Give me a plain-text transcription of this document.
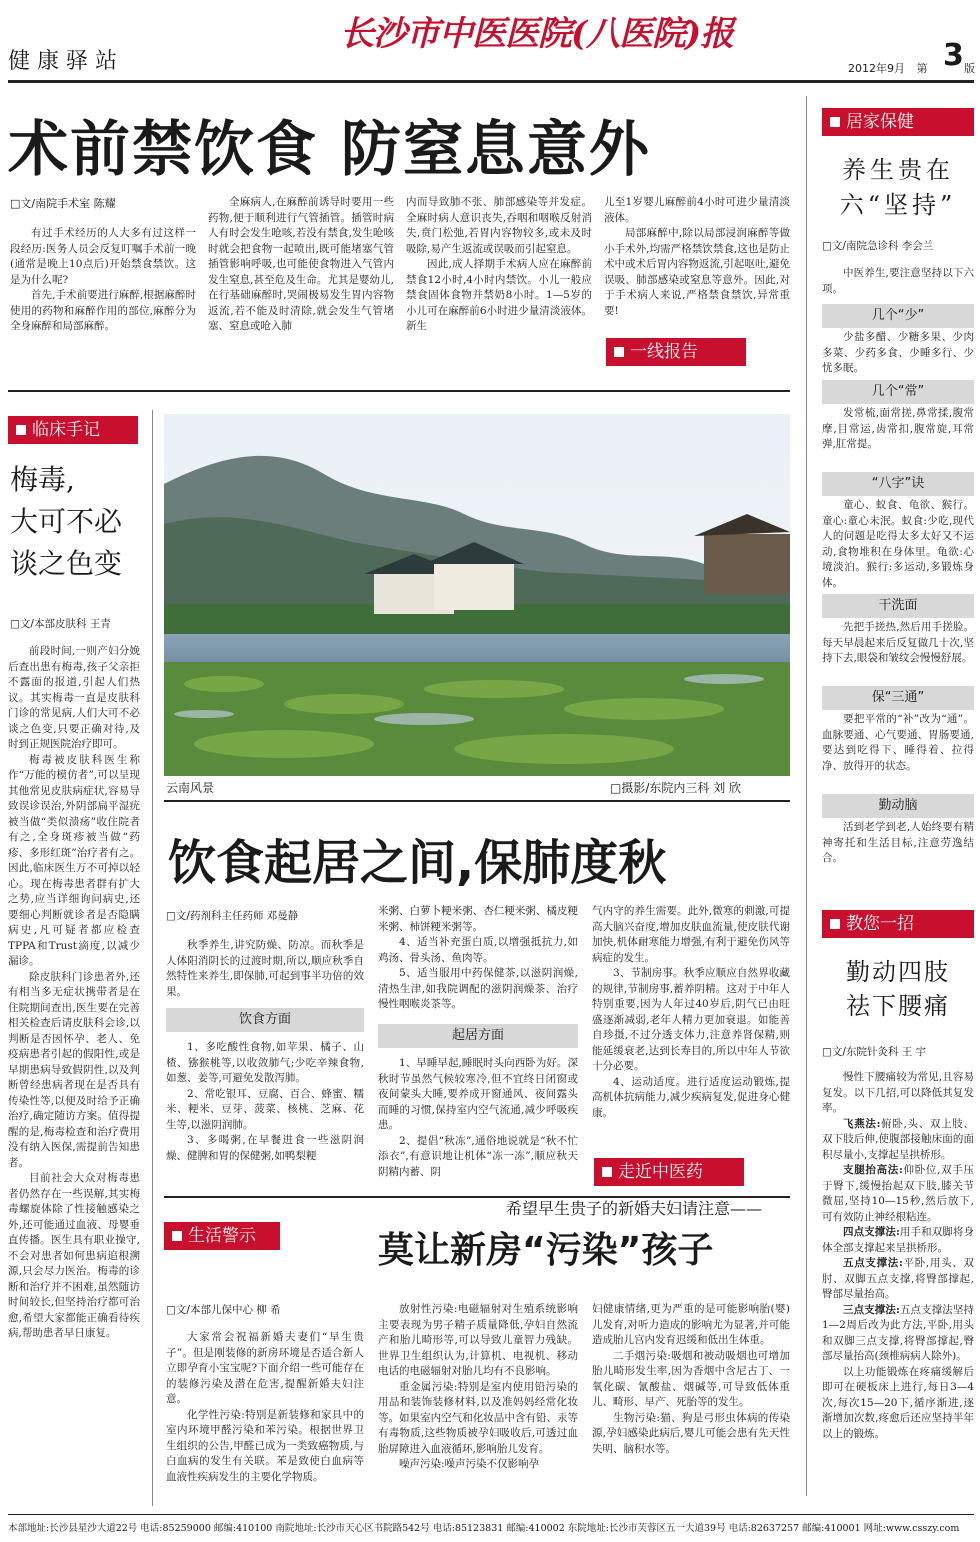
健康驿站
长沙市中医医院(八医院)报
2012年9月 第 3 版
术前禁饮食 防窒息意外
□文/南院手术室 陈耀

有过手术经历的人大多有过这样一段经历:医务人员会反复叮嘱手术前一晚(通常是晚上10点后)开始禁食禁饮。这是为什么呢?

首先,手术前要进行麻醉,根据麻醉时使用的药物和麻醉作用的部位,麻醉分为全身麻醉和局部麻醉。

全麻病人,在麻醉前诱导时要用一些药物,便于顺利进行气管插管。插管时病人有时会发生呛咳,若没有禁食,发生呛咳时就会把食物一起喷出,既可能堵塞气管插管影响呼吸,也可能使食物进入气管内发生窒息,甚至危及生命。尤其是婴幼儿,在行基础麻醉时,哭闹极易发生胃内容物返流,若不能及时清除,就会发生气管堵塞、窒息或呛入肺

内而导致肺不张、肺部感染等并发症。全麻时病人意识丧失,吞咽和咽喉反射消失,贲门松弛,若胃内容物较多,或未及时吸除,易产生返流或误吸而引起窒息。

因此,成人择期手术病人应在麻醉前禁食12小时,4小时内禁饮。小儿一般应禁食固体食物并禁奶8小时。1—5岁的小儿可在麻醉前6小时进少量清淡液体。新生

儿至1岁婴儿麻醉前4小时可进少量清淡液体。

局部麻醉中,除以局部浸润麻醉等做小手术外,均需严格禁饮禁食,这也是防止术中或术后胃内容物返流,引起呕吐,避免误吸、肺部感染或窒息等意外。因此,对于手术病人来说,严格禁食禁饮,异常重要!

一线报告
居家保健
养生贵在
六“坚持”
□文/南院急诊科 李会兰

中医养生,要注意坚持以下六项。

几个“少”

少盐多醋、少糖多果、少肉多菜、少药多食、少睡多行、少忧多眠。

几个“常”

发常梳,面常搓,鼻常揉,腹常摩,目常运,齿常扣,腹常旋,耳常弹,肛常提。

“八字”诀

童心、蚁食、龟欲、猴行。童心:童心未泯。蚁食:少吃,现代人的问题是吃得太多太好又不运动,食物堆积在身体里。龟欲:心境淡泊。猴行:多运动,多锻炼身体。

干洗面

先把手搓热,然后用手搓脸。每天早晨起来后反复做几十次,坚持下去,眼袋和皱纹会慢慢舒展。

保“三通”

要把平常的“补”改为“通”。血脉要通、心气要通、胃肠要通,要达到吃得下、睡得着、拉得净、放得开的状态。

勤动脑

活到老学到老,人始终要有精神寄托和生活目标,注意劳逸结合。

临床手记
梅毒,
大可不必
谈之色变
□文/本部皮肤科 王青

前段时间,一则产妇分娩后查出患有梅毒,孩子父亲拒不露面的报道,引起人们热议。其实梅毒一直是皮肤科门诊的常见病,人们大可不必谈之色变,只要正确对待,及时到正规医院治疗即可。

梅毒被皮肤科医生称作“万能的模仿者”,可以呈现其他常见皮肤病症状,容易导致误诊误治,外阴部扁平湿疣被当做“类似溃疡”收住院者有之,全身斑疹被当做“药疹、多形红斑”治疗者有之。因此,临床医生万不可掉以轻心。现在梅毒患者群有扩大之势,应当详细询问病史,还要细心判断就诊者是否隐瞒病史,凡可疑者都应检查TPPA和Trust滴度,以减少漏诊。

除皮肤科门诊患者外,还有相当多无症状携带者是在住院期间查出,医生要在完善相关检查后请皮肤科会诊,以判断是否因怀孕、老人、免疫病患者引起的假阳性,或是早期患病导致假阴性,以及判断曾经患病者现在是否具有传染性等,以便及时给予正确治疗,确定随访方案。值得提醒的是,梅毒检查和治疗费用没有纳入医保,需提前告知患者。

目前社会大众对梅毒患者仍然存在一些误解,其实梅毒螺旋体除了性接触感染之外,还可能通过血液、母婴垂直传播。医生具有职业操守,不会对患者如何患病追根溯源,只会尽力医治。梅毒的诊断和治疗并不困难,虽然随访时间较长,但坚持治疗都可治愈,希望大家都能正确看待疾病,帮助患者早日康复。

云南风景	□摄影/东院内三科 刘 欣
饮食起居之间,保肺度秋
□文/药剂科主任药师 邓曼静

秋季养生,讲究防燥、防凉。而秋季是人体阳消阴长的过渡时期,所以,顺应秋季自然特性来养生,即保肺,可起到事半功倍的效果。

饮食方面

1、多吃酸性食物,如苹果、橘子、山楂、猕猴桃等,以收敛肺气;少吃辛辣食物,如葱、姜等,可避免发散泻肺。

2、常吃银耳、豆腐、百合、蜂蜜、糯米、粳米、豆芽、菠菜、核桃、芝麻、花生等,以滋阴润肺。

3、多喝粥,在早餐进食一些滋阴润燥、健脾和胃的保健粥,如鸭梨粳

米粥、白萝卜粳米粥、杏仁粳米粥、橘皮粳米粥、柿饼粳米粥等。

4、适当补充蛋白质,以增强抵抗力,如鸡汤、骨头汤、鱼肉等。

5、适当服用中药保健茶,以滋阴润燥,清热生津,如我院调配的滋阴润燥茶、治疗慢性咽喉炎茶等。

起居方面

1、早睡早起,睡眠时头向西卧为好。深秋时节虽然气候较寒冷,但不宜终日闭窗或夜间蒙头大睡,要养成开窗通风、夜间露头而睡的习惯,保持室内空气流通,减少呼吸疾患。

2、提倡“秋冻”,通俗地说就是“秋不忙添衣”,有意识地让机体“冻一冻”,顺应秋天阴精内蓄、阴

气内守的养生需要。此外,微寒的刺激,可提高大脑兴奋度,增加皮肤血流量,使皮肤代谢加快,机体耐寒能力增强,有利于避免伤风等病症的发生。

3、节制房事。秋季应顺应自然界收藏的规律,节制房事,蓄养阴精。这对于中年人特别重要,因为人年过40岁后,阴气已由旺盛逐渐减弱,老年人精力更加衰退。如能善自珍摄,不过分透支体力,注意养肾保精,则能延缓衰老,达到长寿目的,所以中年人节欲十分必要。

4、运动适度。进行适度运动锻炼,提高机体抗病能力,减少疾病复发,促进身心健康。

走近中医药
生活警示
希望早生贵子的新婚夫妇请注意——
莫让新房“污染”孩子
□文/本部儿保中心 柳 希

大家常会祝福新婚夫妻们“早生贵子”。但是刚装修的新房环境是否适合新人立即孕育小宝宝呢?下面介绍一些可能存在的装修污染及潜在危害,提醒新婚夫妇注意。

化学性污染:特别是新装修和家具中的室内环境甲醛污染和苯污染。根据世界卫生组织的公告,甲醛已成为一类致癌物质,与白血病的发生有关联。苯是致使白血病等血液性疾病发生的主要化学物质。

放射性污染:电磁辐射对生殖系统影响主要表现为男子精子质量降低,孕妇自然流产和胎儿畸形等,可以导致儿童智力残缺。世界卫生组织认为,计算机、电视机、移动电话的电磁辐射对胎儿均有不良影响。

重金属污染:特别是室内使用铅污染的用品和装饰装修材料,以及准妈妈经常化妆等。如果室内空气和化妆品中含有铅、汞等有毒物质,这些物质被孕妇吸收后,可透过血胎屏障进入血液循环,影响胎儿发育。

噪声污染:噪声污染不仅影响孕

妇健康情绪,更为严重的是可能影响胎(婴)儿发育,对听力造成的影响尤为显著,并可能造成胎儿宫内发育迟缓和低出生体重。

二手烟污染:吸烟和被动吸烟也可增加胎儿畸形发生率,因为香烟中含尼古丁、一氧化碳、氰酸盐、烟碱等,可导致低体重儿、畸形、早产、死胎等的发生。

生物污染:猫、狗是弓形虫体病的传染源,孕妇感染此病后,婴儿可能会患有先天性失明、脑积水等。

教您一招
勤动四肢
祛下腰痛
□文/东院针灸科 王 宇

慢性下腰痛较为常见,且容易复发。以下几招,可以降低其复发率。

飞燕法:俯卧,头、双上肢、双下肢后伸,使腹部接触床面的面积尽量小,支撑起呈拱桥形。

支腿抬高法:仰卧位,双手压于臀下,缓慢抬起双下肢,膝关节微屈,坚持10—15秒,然后放下,可有效防止神经根粘连。

四点支撑法:用手和双脚将身体全部支撑起来呈拱桥形。

五点支撑法:平卧,用头、双肘、双脚五点支撑,将臀部撑起,臀部尽量抬高。

三点支撑法:五点支撑法坚持1—2周后改为此方法,平卧,用头和双脚三点支撑,将臀部撑起,臀部尽量抬高(颈椎病病人除外)。

以上功能锻炼在疼痛缓解后即可在硬板床上进行,每日3—4次,每次15—20下,循序渐进,逐渐增加次数,疼愈后还应坚持半年以上的锻炼。

本部地址:长沙县星沙大道22号 电话:85259000 邮编:410100 南院地址:长沙市天心区书院路542号 电话:85123831 邮编:410002 东院地址:长沙市芙蓉区五一大道39号 电话:82637257 邮编:410001 网址:www.csszy.com
